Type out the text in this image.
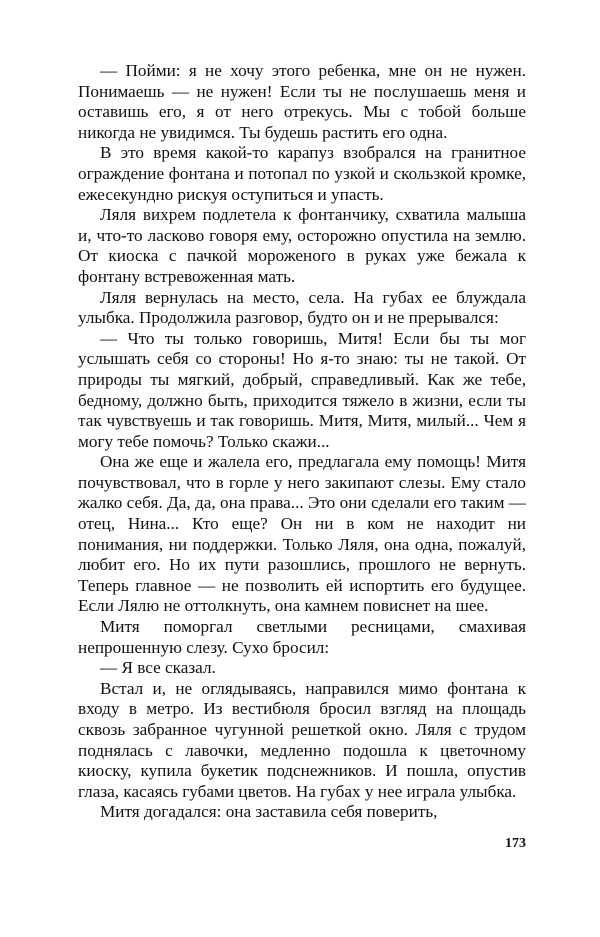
— Пойми: я не хочу этого ребенка, мне он не нужен. Понимаешь — не нужен! Если ты не послушаешь меня и оставишь его, я от него отрекусь. Мы с тобой больше никогда не увидимся. Ты будешь растить его одна.

В это время какой-то карапуз взобрался на гранитное ограждение фонтана и потопал по узкой и скользкой кромке, ежесекундно рискуя оступиться и упасть.

Ляля вихрем подлетела к фонтанчику, схватила малыша и, что-то ласково говоря ему, осторожно опустила на землю. От киоска с пачкой мороженого в руках уже бежала к фонтану встревоженная мать.

Ляля вернулась на место, села. На губах ее блуждала улыбка. Продолжила разговор, будто он и не прерывался:

— Что ты только говоришь, Митя! Если бы ты мог услышать себя со стороны! Но я-то знаю: ты не такой. От природы ты мягкий, добрый, справедливый. Как же тебе, бедному, должно быть, приходится тяжело в жизни, если ты так чувствуешь и так говоришь. Митя, Митя, милый... Чем я могу тебе помочь? Только скажи...

Она же еще и жалела его, предлагала ему помощь! Митя почувствовал, что в горле у него закипают слезы. Ему стало жалко себя. Да, да, она права... Это они сделали его таким — отец, Нина... Кто еще? Он ни в ком не находит ни понимания, ни поддержки. Только Ляля, она одна, пожалуй, любит его. Но их пути разошлись, прошлого не вернуть. Теперь главное — не позволить ей испортить его будущее. Если Лялю не оттолкнуть, она камнем повиснет на шее.

Митя поморгал светлыми ресницами, смахивая непрошенную слезу. Сухо бросил:

— Я все сказал.

Встал и, не оглядываясь, направился мимо фонтана к входу в метро. Из вестибюля бросил взгляд на площадь сквозь забранное чугунной решеткой окно. Ляля с трудом поднялась с лавочки, медленно подошла к цветочному киоску, купила букетик подснежников. И пошла, опустив глаза, касаясь губами цветов. На губах у нее играла улыбка.

Митя догадался: она заставила себя поверить,

173
